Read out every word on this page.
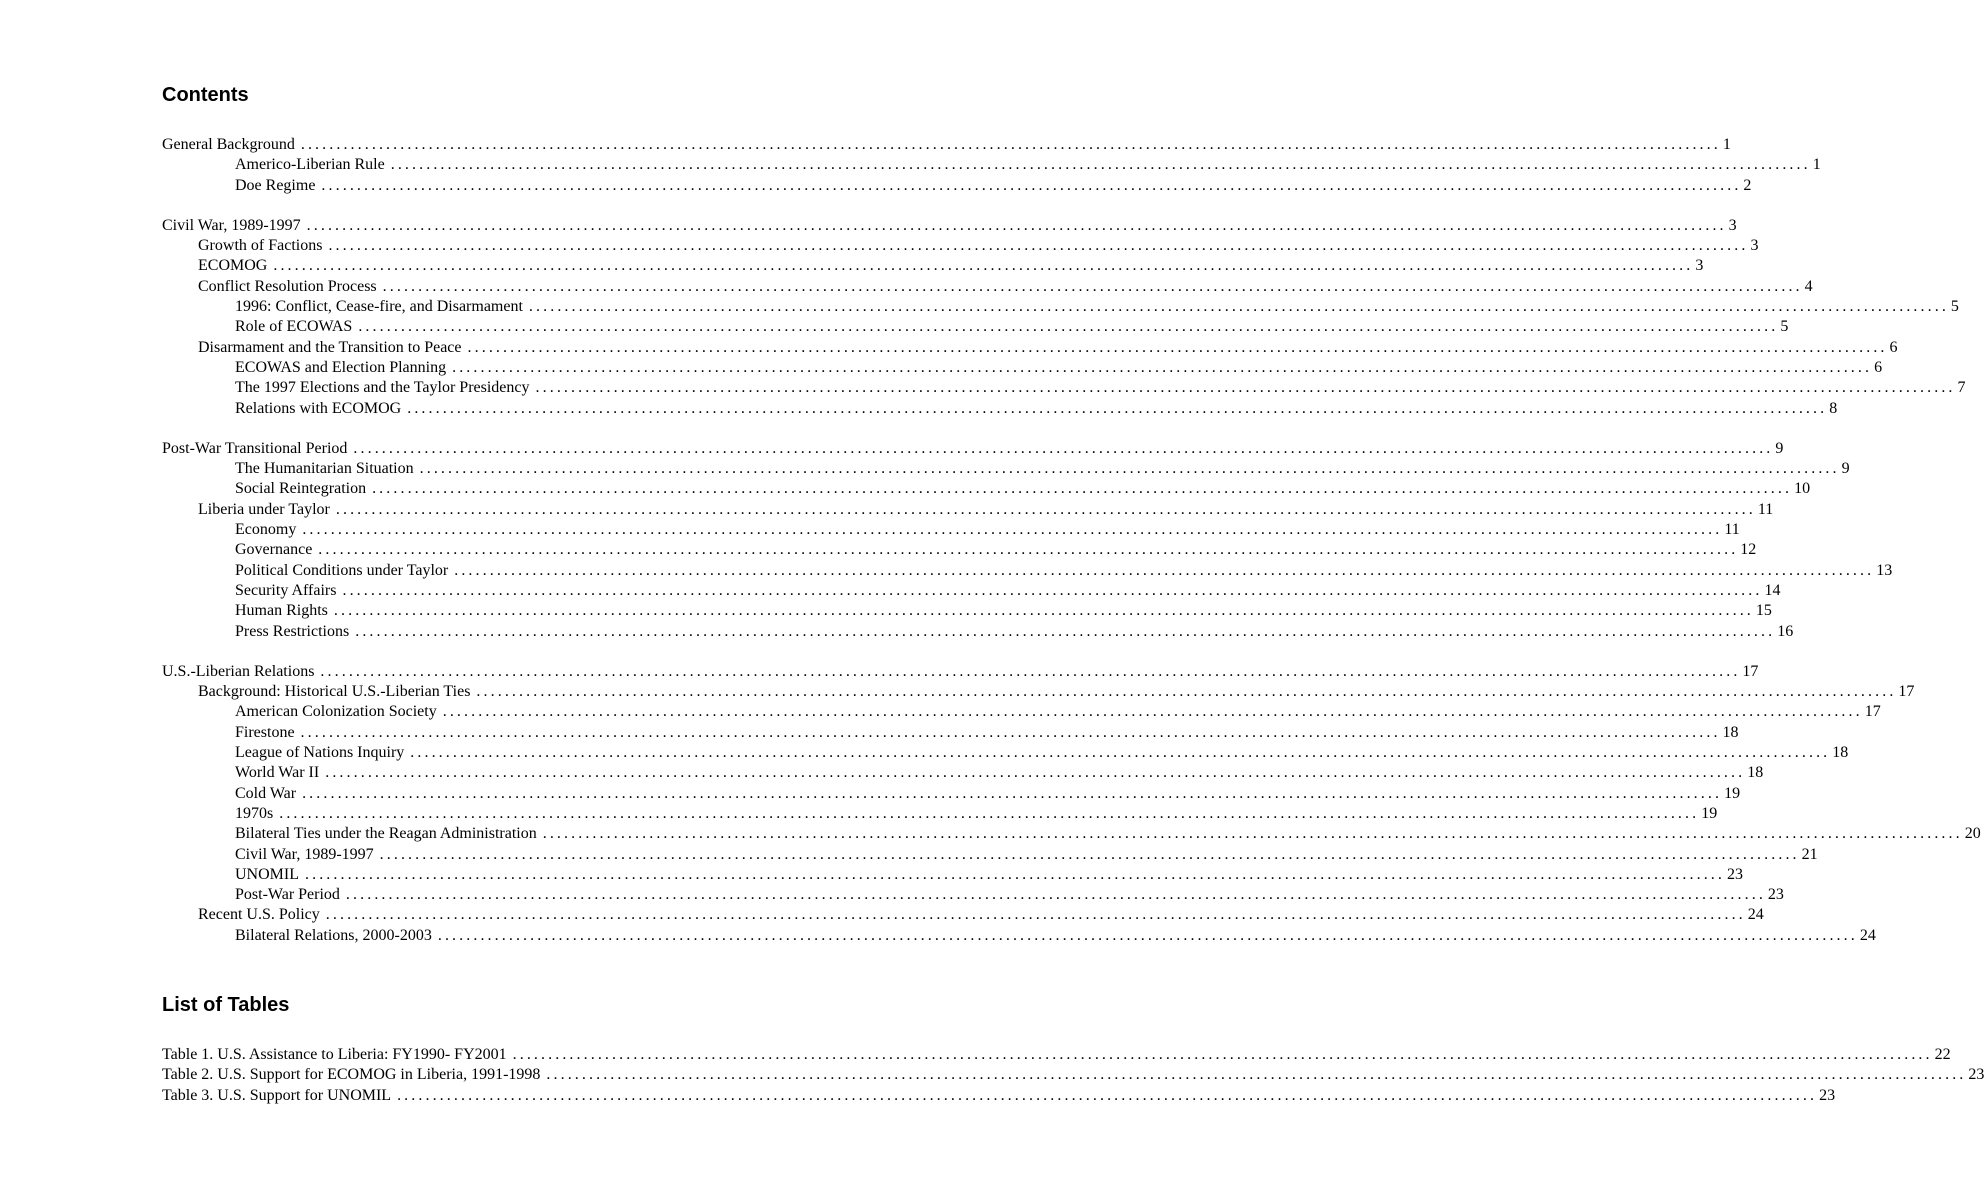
Contents
General Background ........................................................................................................................................................................................................ 1
Americo-Liberian Rule ........................................................................................................................................................................................................ 1
Doe Regime ........................................................................................................................................................................................................ 2
Civil War, 1989-1997 ........................................................................................................................................................................................................ 3
Growth of Factions ........................................................................................................................................................................................................ 3
ECOMOG ........................................................................................................................................................................................................ 3
Conflict Resolution Process ........................................................................................................................................................................................................ 4
1996: Conflict, Cease-fire, and Disarmament ........................................................................................................................................................................................................ 5
Role of ECOWAS ........................................................................................................................................................................................................ 5
Disarmament and the Transition to Peace ........................................................................................................................................................................................................ 6
ECOWAS and Election Planning ........................................................................................................................................................................................................ 6
The 1997 Elections and the Taylor Presidency ........................................................................................................................................................................................................ 7
Relations with ECOMOG ........................................................................................................................................................................................................ 8
Post-War Transitional Period ........................................................................................................................................................................................................ 9
The Humanitarian Situation ........................................................................................................................................................................................................ 9
Social Reintegration ........................................................................................................................................................................................................ 10
Liberia under Taylor ........................................................................................................................................................................................................ 11
Economy ........................................................................................................................................................................................................ 11
Governance ........................................................................................................................................................................................................ 12
Political Conditions under Taylor ........................................................................................................................................................................................................ 13
Security Affairs ........................................................................................................................................................................................................ 14
Human Rights ........................................................................................................................................................................................................ 15
Press Restrictions ........................................................................................................................................................................................................ 16
U.S.-Liberian Relations ........................................................................................................................................................................................................ 17
Background: Historical U.S.-Liberian Ties ........................................................................................................................................................................................................ 17
American Colonization Society ........................................................................................................................................................................................................ 17
Firestone ........................................................................................................................................................................................................ 18
League of Nations Inquiry ........................................................................................................................................................................................................ 18
World War II ........................................................................................................................................................................................................ 18
Cold War ........................................................................................................................................................................................................ 19
1970s ........................................................................................................................................................................................................ 19
Bilateral Ties under the Reagan Administration ........................................................................................................................................................................................................ 20
Civil War, 1989-1997 ........................................................................................................................................................................................................ 21
UNOMIL ........................................................................................................................................................................................................ 23
Post-War Period ........................................................................................................................................................................................................ 23
Recent U.S. Policy ........................................................................................................................................................................................................ 24
Bilateral Relations, 2000-2003 ........................................................................................................................................................................................................ 24
List of Tables
Table 1. U.S. Assistance to Liberia: FY1990- FY2001 ........................................................................................................................................................................................................ 22
Table 2. U.S. Support for ECOMOG in Liberia, 1991-1998 ........................................................................................................................................................................................................ 23
Table 3. U.S. Support for UNOMIL ........................................................................................................................................................................................................ 23
